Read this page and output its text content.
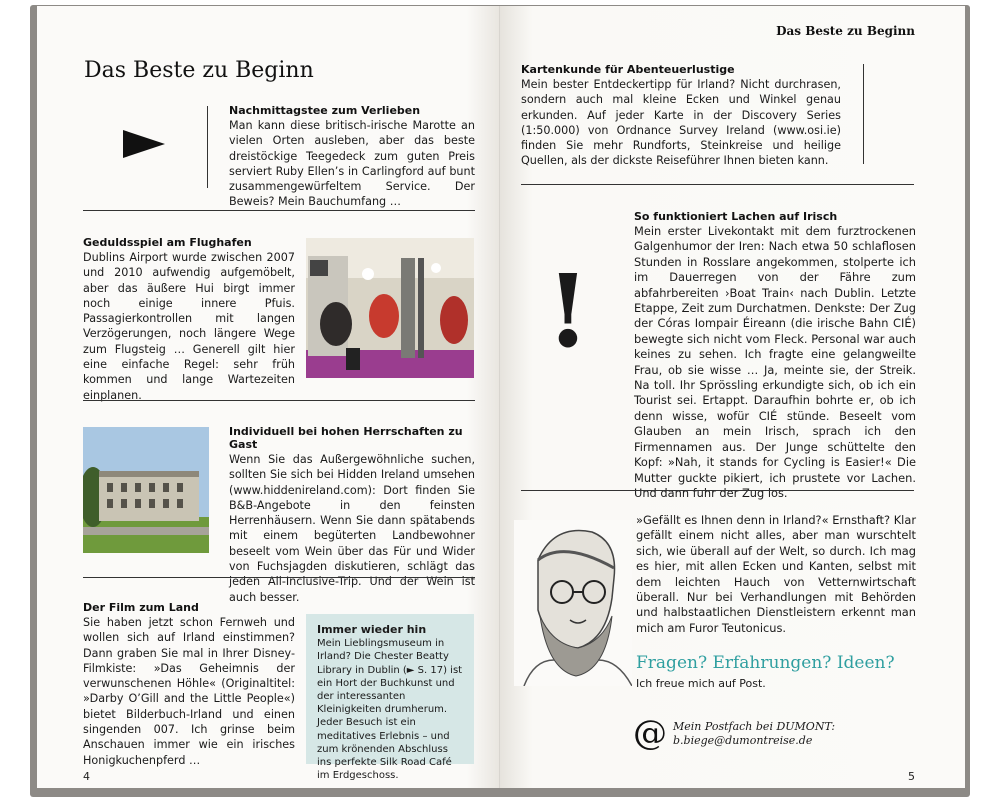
Das Beste zu Beginn
Nachmittagstee zum Verlieben
Man kann diese britisch-irische Marotte an vielen Orten ausleben, aber das beste dreistöckige Teegedeck zum guten Preis serviert Ruby Ellen’s in Carlingford auf bunt zusammengewürfeltem Service. Der Beweis? Mein Bauchumfang …
Geduldsspiel am Flughafen
Dublins Airport wurde zwischen 2007 und 2010 aufwendig aufgemöbelt, aber das äußere Hui birgt immer noch einige innere Pfuis. Passagierkontrollen mit langen Verzögerungen, noch längere Wege zum Flugsteig … Generell gilt hier eine einfache Regel: sehr früh kommen und lange Wartezeiten einplanen.
Individuell bei hohen Herrschaften zu Gast
Wenn Sie das Außergewöhnliche suchen, sollten Sie sich bei Hidden Ireland umsehen (www.hiddenireland.com): Dort finden Sie B&B-Angebote in den feinsten Herrenhäusern. Wenn Sie dann spätabends mit einem begüterten Landbewohner beseelt vom Wein über das Für und Wider von Fuchsjagden diskutieren, schlägt das jeden All-Inclusive-Trip. Und der Wein ist auch besser.
Der Film zum Land
Sie haben jetzt schon Fernweh und wollen sich auf Irland einstimmen? Dann graben Sie mal in Ihrer Disney-Filmkiste: »Das Geheimnis der verwunschenen Höhle« (Originaltitel: »Darby O’Gill and the Little People«) bietet Bilderbuch-Irland und einen singenden 007. Ich grinse beim Anschauen immer wie ein irisches Honigkuchenpferd …
Immer wieder hin
Mein Lieblingsmuseum in Irland? Die Chester Beatty Library in Dublin (► S. 17) ist ein Hort der Buchkunst und der interessanten Kleinigkeiten drumherum. Jeder Besuch ist ein meditatives Erlebnis – und zum krönenden Abschluss ins perfekte Silk Road Café im Erdgeschoss.
4
Das Beste zu Beginn
Kartenkunde für Abenteuerlustige
Mein bester Entdeckertipp für Irland? Nicht durchrasen, sondern auch mal kleine Ecken und Winkel genau erkunden. Auf jeder Karte in der Discovery Series (1:50.000) von Ordnance Survey Ireland (www.osi.ie) finden Sie mehr Rundforts, Steinkreise und heilige Quellen, als der dickste Reiseführer Ihnen bieten kann.
!
So funktioniert Lachen auf Irisch
Mein erster Livekontakt mit dem furztrockenen Galgenhumor der Iren: Nach etwa 50 schlaflosen Stunden in Rosslare angekommen, stolperte ich im Dauerregen von der Fähre zum abfahrbereiten ›Boat Train‹ nach Dublin. Letzte Etappe, Zeit zum Durchatmen. Denkste: Der Zug der Córas Iompair Éireann (die irische Bahn CIÉ) bewegte sich nicht vom Fleck. Personal war auch keines zu sehen. Ich fragte eine gelangweilte Frau, ob sie wisse … Ja, meinte sie, der Streik. Na toll. Ihr Sprössling erkundigte sich, ob ich ein Tourist sei. Ertappt. Daraufhin bohrte er, ob ich denn wisse, wofür CIÉ stünde. Beseelt vom Glauben an mein Irisch, sprach ich den Firmennamen aus. Der Junge schüttelte den Kopf: »Nah, it stands for Cycling is Easier!« Die Mutter guckte pikiert, ich prustete vor Lachen. Und dann fuhr der Zug los.
»Gefällt es Ihnen denn in Irland?« Ernsthaft? Klar gefällt einem nicht alles, aber man wurschtelt sich, wie überall auf der Welt, so durch. Ich mag es hier, mit allen Ecken und Kanten, selbst mit dem leichten Hauch von Vetternwirtschaft überall. Nur bei Verhandlungen mit Behörden und halbstaatlichen Dienstleistern erkennt man mich am Furor Teutonicus.
Fragen? Erfahrungen? Ideen?
Ich freue mich auf Post.
@ Mein Postfach bei DUMONT:
b.biege@dumontreise.de
5
